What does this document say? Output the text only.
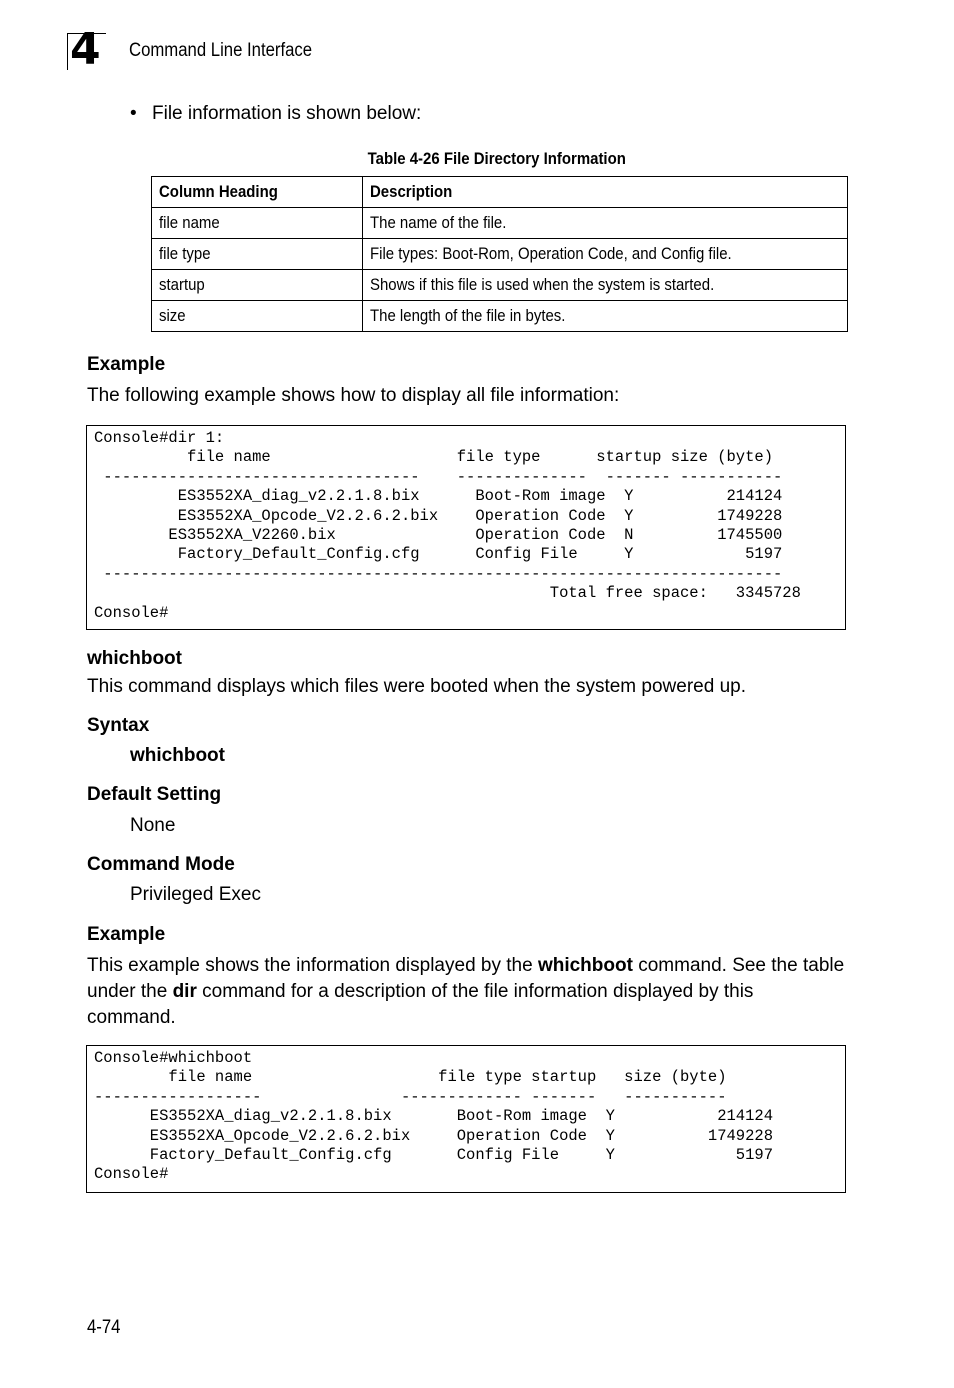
4 Command Line Interface
• File information is shown below:
Table 4-26 File Directory Information
Column Heading	Description
file name	The name of the file.
file type	File types: Boot-Rom, Operation Code, and Config file.
startup	Shows if this file is used when the system is started.
size	The length of the file in bytes.
Example
The following example shows how to display all file information:
Console#dir 1:
file name                    file type      startup size (byte)
----------------------------------    --------------  ------- -----------
ES3552XA_diag_v2.2.1.8.bix      Boot-Rom image  Y          214124
ES3552XA_Opcode_V2.2.6.2.bix    Operation Code  Y         1749228
ES3552XA_V2260.bix               Operation Code  N         1745500
Factory_Default_Config.cfg      Config File     Y            5197
-------------------------------------------------------------------------
Total free space:   3345728
Console#
whichboot
This command displays which files were booted when the system powered up.
Syntax
whichboot
Default Setting
None
Command Mode
Privileged Exec
Example
This example shows the information displayed by the whichboot command. See the table under the dir command for a description of the file information displayed by this command.
Console#whichboot
file name                    file type startup   size (byte)
------------------               ------------- -------   -----------
ES3552XA_diag_v2.2.1.8.bix       Boot-Rom image  Y           214124
ES3552XA_Opcode_V2.2.6.2.bix     Operation Code  Y          1749228
Factory_Default_Config.cfg       Config File     Y             5197
Console#
4-74
